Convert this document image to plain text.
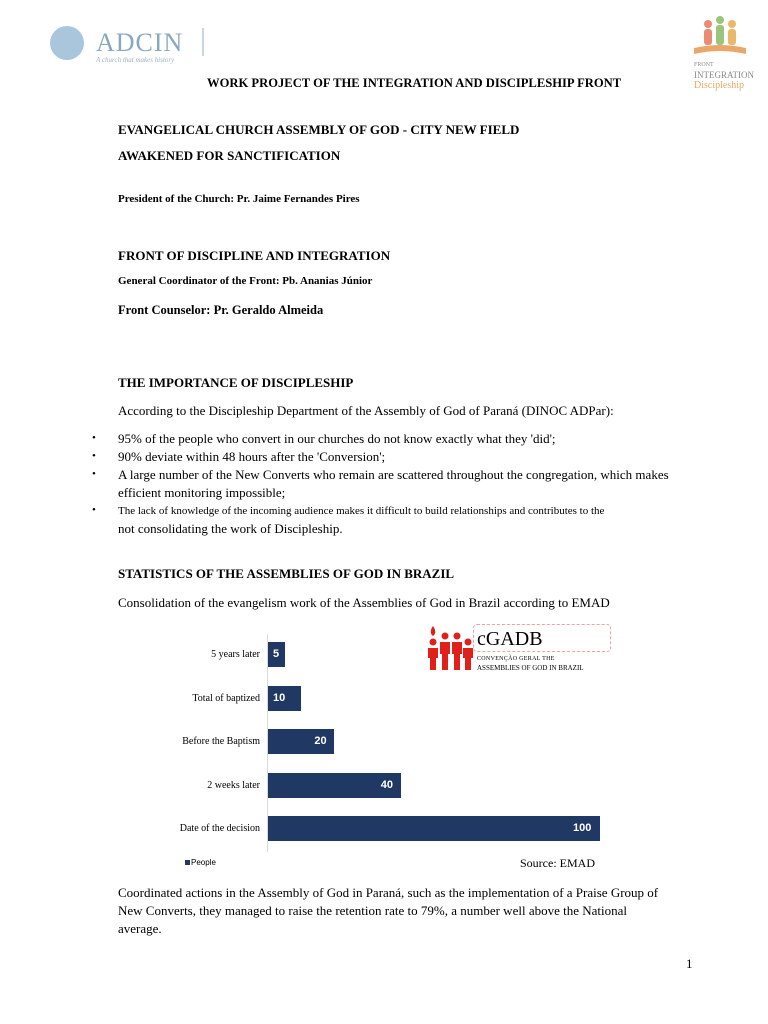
ADCIN
A church that makes history
FRONT
INTEGRATION
Discipleship
WORK PROJECT OF THE INTEGRATION AND DISCIPLESHIP FRONT
EVANGELICAL CHURCH ASSEMBLY OF GOD - CITY NEW FIELD
AWAKENED FOR SANCTIFICATION
President of the Church: Pr. Jaime Fernandes Pires
FRONT OF DISCIPLINE AND INTEGRATION
General Coordinator of the Front: Pb. Ananias Júnior
Front Counselor: Pr. Geraldo Almeida
THE IMPORTANCE OF DISCIPLESHIP
According to the Discipleship Department of the Assembly of God of Paraná (DINOC ADPar):
• 95% of the people who convert in our churches do not know exactly what they 'did';
• 90% deviate within 48 hours after the 'Conversion';
• A large number of the New Converts who remain are scattered throughout the congregation, which makes efficient monitoring impossible;
• The lack of knowledge of the incoming audience makes it difficult to build relationships and contributes to the
not consolidating the work of Discipleship.
STATISTICS OF THE ASSEMBLIES OF GOD IN BRAZIL
Consolidation of the evangelism work of the Assemblies of God in Brazil according to EMAD
People	Source: EMAD
5 years later 5
Total of baptized 10
Before the Baptism	20
2 weeks later	40
Date of the decision	100
cGADB
CONVENÇÃO GERAL THE
ASSEMBLIES OF GOD IN BRAZIL
Coordinated actions in the Assembly of God in Paraná, such as the implementation of a Praise Group of New Converts, they managed to raise the retention rate to 79%, a number well above the National average.
1
